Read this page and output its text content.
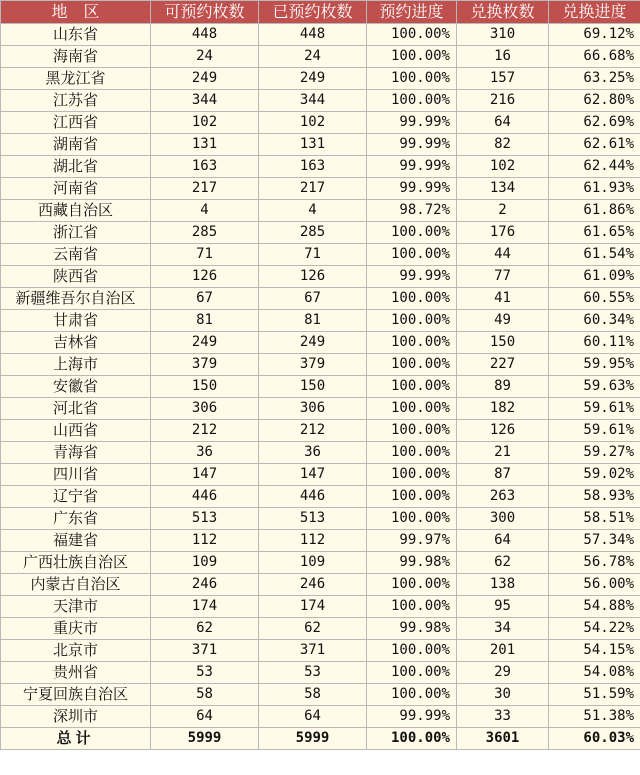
地　区	可预约枚数	已预约枚数	预约进度	兑换枚数	兑换进度
山东省	448	448	100.00%	310	69.12%
海南省	24	24	100.00%	16	66.68%
黑龙江省	249	249	100.00%	157	63.25%
江苏省	344	344	100.00%	216	62.80%
江西省	102	102	99.99%	64	62.69%
湖南省	131	131	99.99%	82	62.61%
湖北省	163	163	99.99%	102	62.44%
河南省	217	217	99.99%	134	61.93%
西藏自治区	4	4	98.72%	2	61.86%
浙江省	285	285	100.00%	176	61.65%
云南省	71	71	100.00%	44	61.54%
陕西省	126	126	99.99%	77	61.09%
新疆维吾尔自治区	67	67	100.00%	41	60.55%
甘肃省	81	81	100.00%	49	60.34%
吉林省	249	249	100.00%	150	60.11%
上海市	379	379	100.00%	227	59.95%
安徽省	150	150	100.00%	89	59.63%
河北省	306	306	100.00%	182	59.61%
山西省	212	212	100.00%	126	59.61%
青海省	36	36	100.00%	21	59.27%
四川省	147	147	100.00%	87	59.02%
辽宁省	446	446	100.00%	263	58.93%
广东省	513	513	100.00%	300	58.51%
福建省	112	112	99.97%	64	57.34%
广西壮族自治区	109	109	99.98%	62	56.78%
内蒙古自治区	246	246	100.00%	138	56.00%
天津市	174	174	100.00%	95	54.88%
重庆市	62	62	99.98%	34	54.22%
北京市	371	371	100.00%	201	54.15%
贵州省	53	53	100.00%	29	54.08%
宁夏回族自治区	58	58	100.00%	30	51.59%
深圳市	64	64	99.99%	33	51.38%
总计	5999	5999	100.00%	3601	60.03%
